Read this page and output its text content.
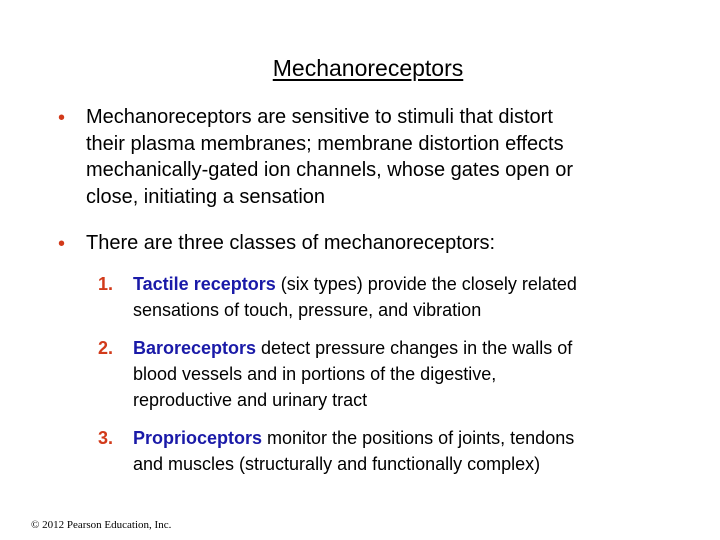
Mechanoreceptors
• Mechanoreceptors are sensitive to stimuli that distort
their plasma membranes; membrane distortion effects
mechanically-gated ion channels, whose gates open or
close, initiating a sensation
• There are three classes of mechanoreceptors:
1. Tactile receptors (six types) provide the closely related
sensations of touch, pressure, and vibration
2. Baroreceptors detect pressure changes in the walls of
blood vessels and in portions of the digestive,
reproductive and urinary tract
3. Proprioceptors monitor the positions of joints, tendons
and muscles (structurally and functionally complex)
© 2012 Pearson Education, Inc.
